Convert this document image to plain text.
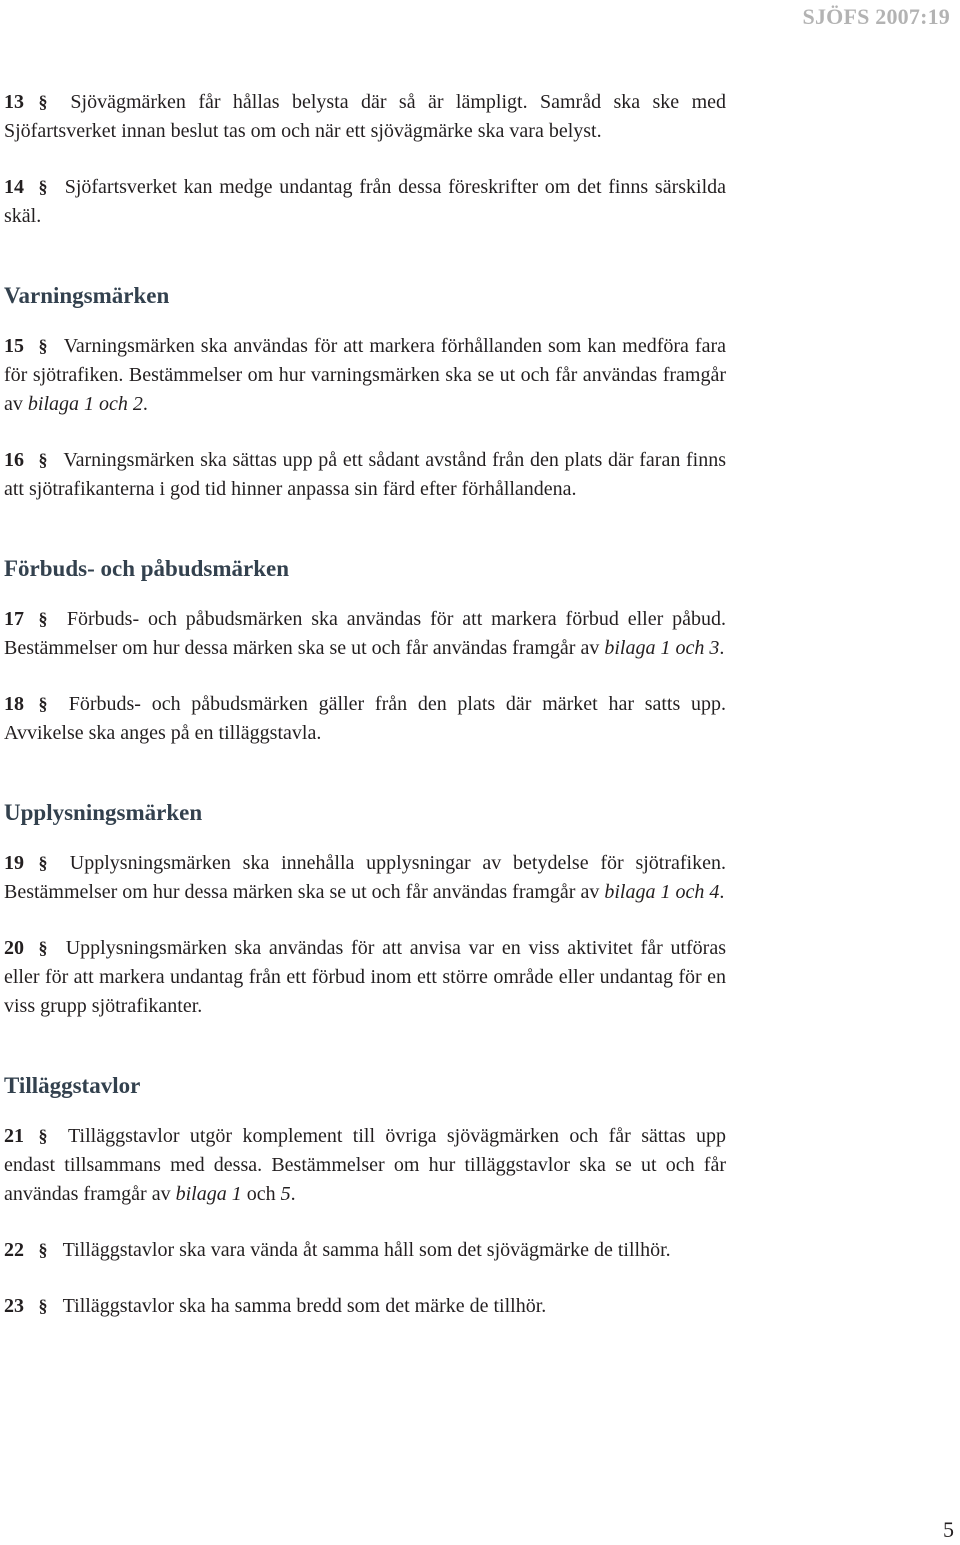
SJÖFS 2007:19

13 § Sjövägmärken får hållas belysta där så är lämpligt. Samråd ska ske med Sjöfartsverket innan beslut tas om och när ett sjövägmärke ska vara belyst.

14 § Sjöfartsverket kan medge undantag från dessa föreskrifter om det finns särskilda skäl.

Varningsmärken

15 § Varningsmärken ska användas för att markera förhållanden som kan medföra fara för sjötrafiken. Bestämmelser om hur varningsmärken ska se ut och får användas framgår av bilaga 1 och 2.

16 § Varningsmärken ska sättas upp på ett sådant avstånd från den plats där faran finns att sjötrafikanterna i god tid hinner anpassa sin färd efter förhållandena.

Förbuds- och påbudsmärken

17 § Förbuds- och påbudsmärken ska användas för att markera förbud eller påbud. Bestämmelser om hur dessa märken ska se ut och får användas framgår av bilaga 1 och 3.

18 § Förbuds- och påbudsmärken gäller från den plats där märket har satts upp. Avvikelse ska anges på en tilläggstavla.

Upplysningsmärken

19 § Upplysningsmärken ska innehålla upplysningar av betydelse för sjötrafiken. Bestämmelser om hur dessa märken ska se ut och får användas framgår av bilaga 1 och 4.

20 § Upplysningsmärken ska användas för att anvisa var en viss aktivitet får utföras eller för att markera undantag från ett förbud inom ett större område eller undantag för en viss grupp sjötrafikanter.

Tilläggstavlor

21 § Tilläggstavlor utgör komplement till övriga sjövägmärken och får sättas upp endast tillsammans med dessa. Bestämmelser om hur tilläggstavlor ska se ut och får användas framgår av bilaga 1 och 5.

22 § Tilläggstavlor ska vara vända åt samma håll som det sjövägmärke de tillhör.

23 § Tilläggstavlor ska ha samma bredd som det märke de tillhör.

5
